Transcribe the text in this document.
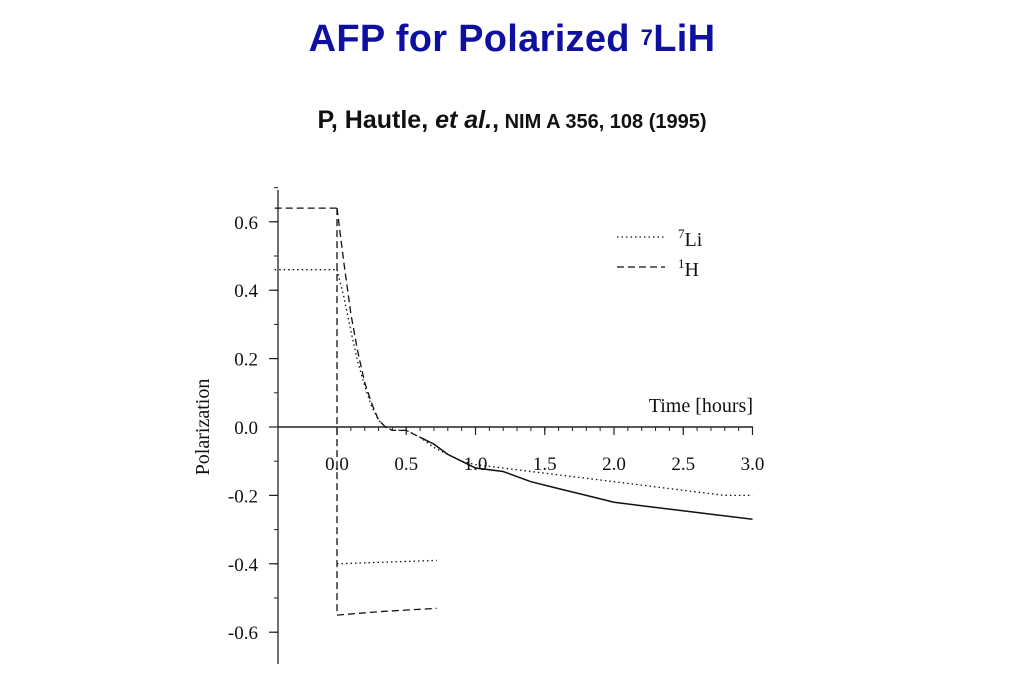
AFP for Polarized $^7$LiH
P, Hautle, et al., NIM A 356, 108 (1995)
$^7$Li
$^1$H
0.6
0.4
0.2
0.0
-0.2
-0.4
-0.6
0.0 0.5 1.0 1.5 2.0 2.5 3.0
Time [hours]
Polarization
